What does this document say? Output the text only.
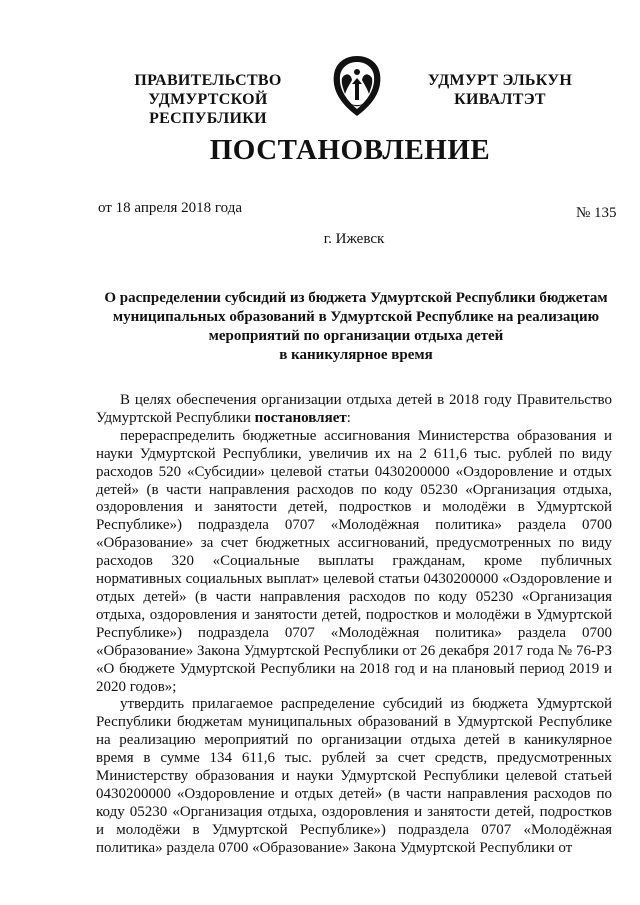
ПРАВИТЕЛЬСТВО
УДМУРТСКОЙ РЕСПУБЛИКИ
УДМУРТ ЭЛЬКУН
КИВАЛТЭТ
ПОСТАНОВЛЕНИЕ
от 18 апреля 2018 года	№ 135
г. Ижевск
О распределении субсидий из бюджета Удмуртской Республики бюджетам
муниципальных образований в Удмуртской Республике на реализацию
мероприятий по организации отдыха детей
в каникулярное время

В целях обеспечения организации отдыха детей в 2018 году Правительство Удмуртской Республики постановляет:

перераспределить бюджетные ассигнования Министерства образования и науки Удмуртской Республики, увеличив их на 2 611,6 тыс. рублей по виду расходов 520 «Субсидии» целевой статьи 0430200000 «Оздоровление и отдых детей» (в части направления расходов по коду 05230 «Организация отдыха, оздоровления и занятости детей, подростков и молодёжи в Удмуртской Республике») подраздела 0707 «Молодёжная политика» раздела 0700 «Образование» за счет бюджетных ассигнований, предусмотренных по виду расходов 320 «Социальные выплаты гражданам, кроме публичных нормативных социальных выплат» целевой статьи 0430200000 «Оздоровление и отдых детей» (в части направления расходов по коду 05230 «Организация отдыха, оздоровления и занятости детей, подростков и молодёжи в Удмуртской Республике») подраздела 0707 «Молодёжная политика» раздела 0700 «Образование» Закона Удмуртской Республики от 26 декабря 2017 года № 76-РЗ «О бюджете Удмуртской Республики на 2018 год и на плановый период 2019 и 2020 годов»;

утвердить прилагаемое распределение субсидий из бюджета Удмуртской Республики бюджетам муниципальных образований в Удмуртской Республике на реализацию мероприятий по организации отдыха детей в каникулярное время в сумме 134 611,6 тыс. рублей за счет средств, предусмотренных Министерству образования и науки Удмуртской Республики целевой статьей 0430200000 «Оздоровление и отдых детей» (в части направления расходов по коду 05230 «Организация отдыха, оздоровления и занятости детей, подростков и молодёжи в Удмуртской Республике») подраздела 0707 «Молодёжная политика» раздела 0700 «Образование» Закона Удмуртской Республики от
